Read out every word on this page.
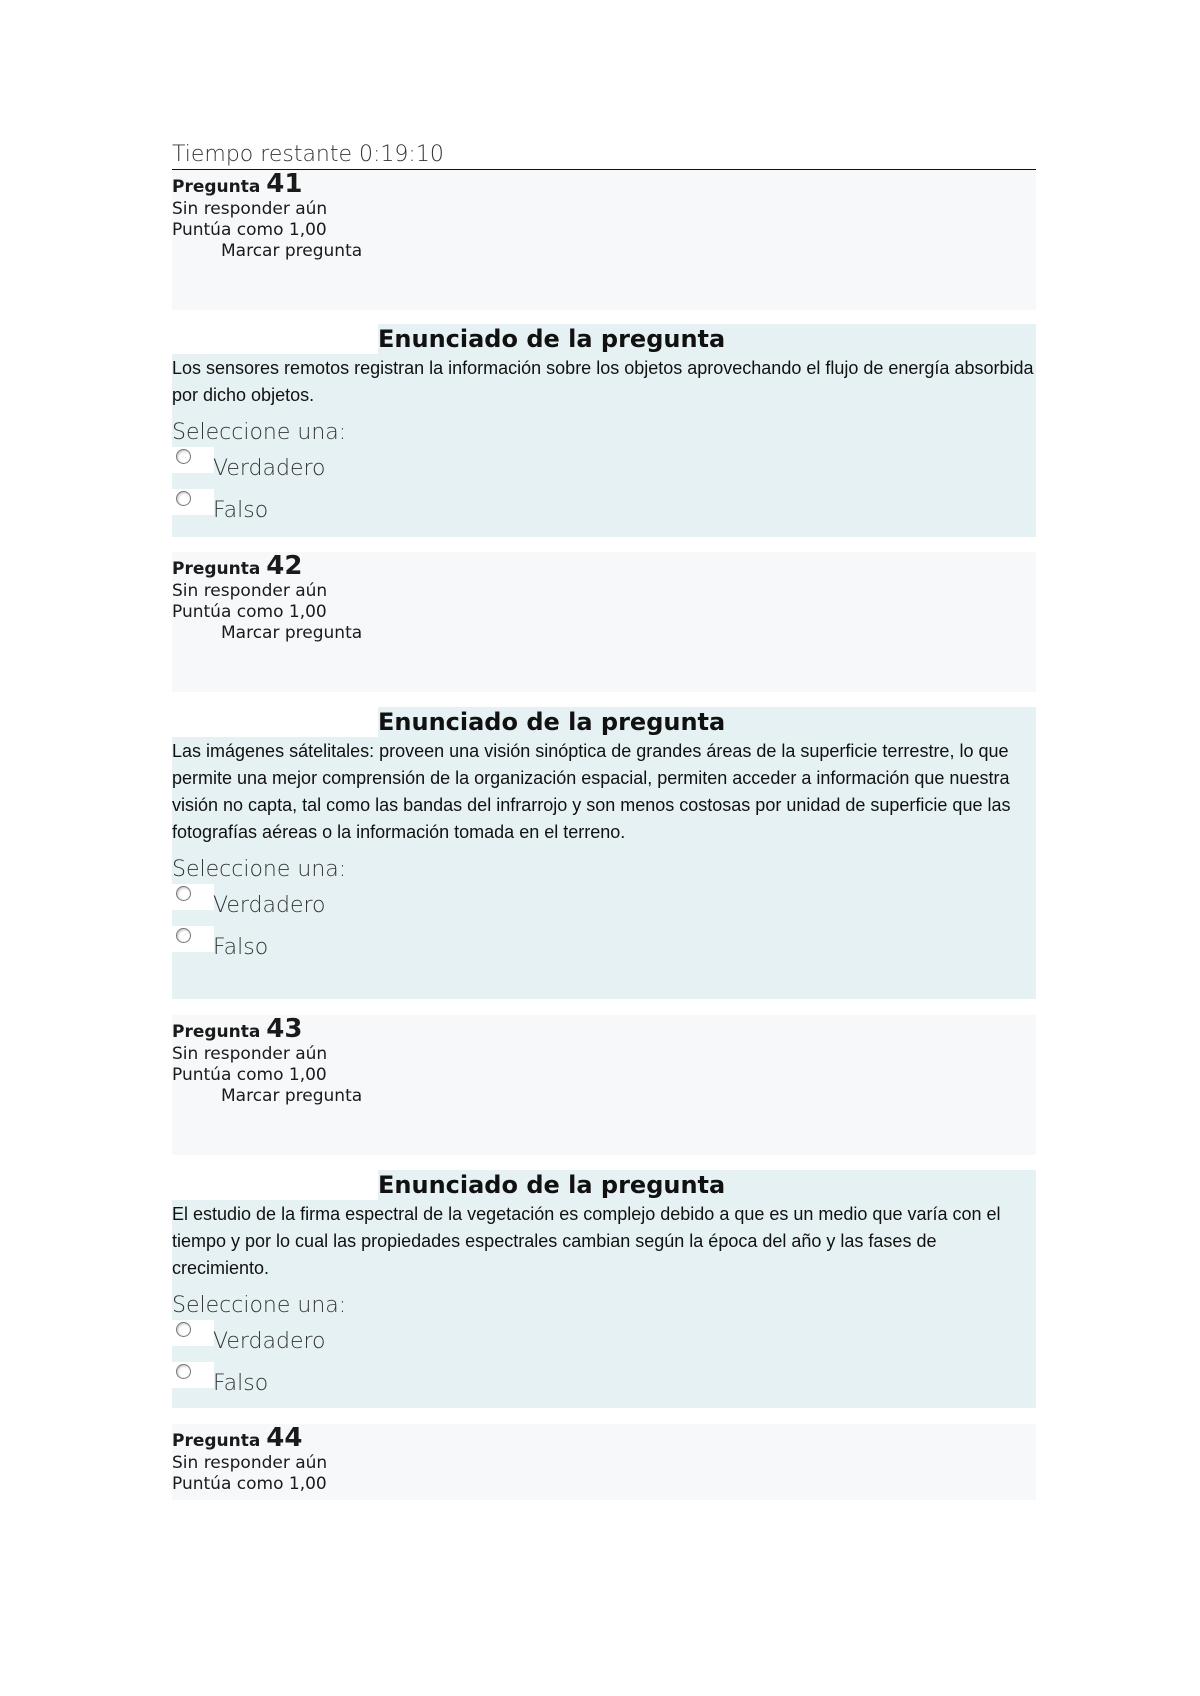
Tiempo restante 0:19:10
Pregunta 41
Sin responder aún
Puntúa como 1,00
Marcar pregunta
Enunciado de la pregunta

Los sensores remotos registran la información sobre los objetos aprovechando el flujo de energía absorbida por dicho objetos.

Seleccione una:
Verdadero
Falso
Pregunta 42
Sin responder aún
Puntúa como 1,00
Marcar pregunta
Enunciado de la pregunta

Las imágenes sátelitales: proveen una visión sinóptica de grandes áreas de la superficie terrestre, lo que permite una mejor comprensión de la organización espacial, permiten acceder a información que nuestra visión no capta, tal como las bandas del infrarrojo y son menos costosas por unidad de superficie que las fotografías aéreas o la información tomada en el terreno.

Seleccione una:
Verdadero
Falso
Pregunta 43
Sin responder aún
Puntúa como 1,00
Marcar pregunta
Enunciado de la pregunta

El estudio de la firma espectral de la vegetación es complejo debido a que es un medio que varía con el tiempo y por lo cual las propiedades espectrales cambian según la época del año y las fases de crecimiento.

Seleccione una:
Verdadero
Falso
Pregunta 44
Sin responder aún
Puntúa como 1,00
